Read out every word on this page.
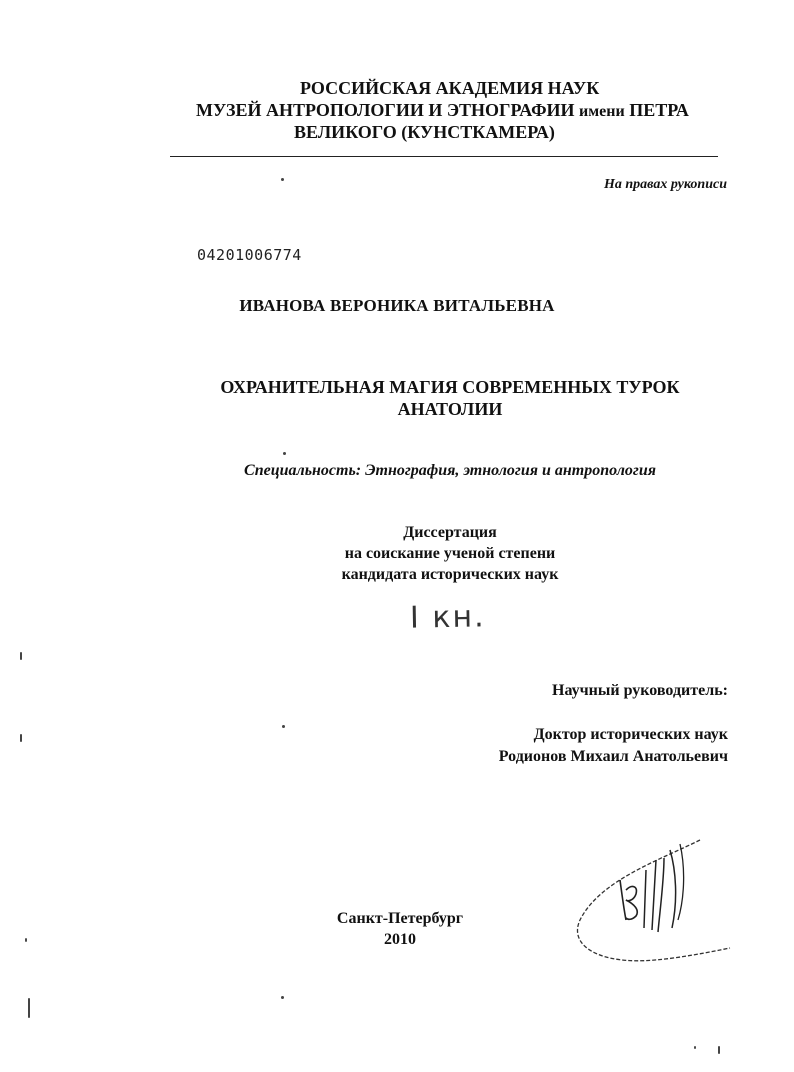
РОССИЙСКАЯ АКАДЕМИЯ НАУК
МУЗЕЙ АНТРОПОЛОГИИ И ЭТНОГРАФИИ имени ПЕТРА
ВЕЛИКОГО (КУНСТКАМЕРА)
На правах рукописи
04201006774
ИВАНОВА ВЕРОНИКА ВИТАЛЬЕВНА
ОХРАНИТЕЛЬНАЯ МАГИЯ СОВРЕМЕННЫХ ТУРОК
АНАТОЛИИ
Специальность: Этнография, этнология и антропология
Диссертация
на соискание ученой степени
кандидата исторических наук
I кн.
Научный руководитель:
Доктор исторических наук
Родионов Михаил Анатольевич
Санкт-Петербург
2010
